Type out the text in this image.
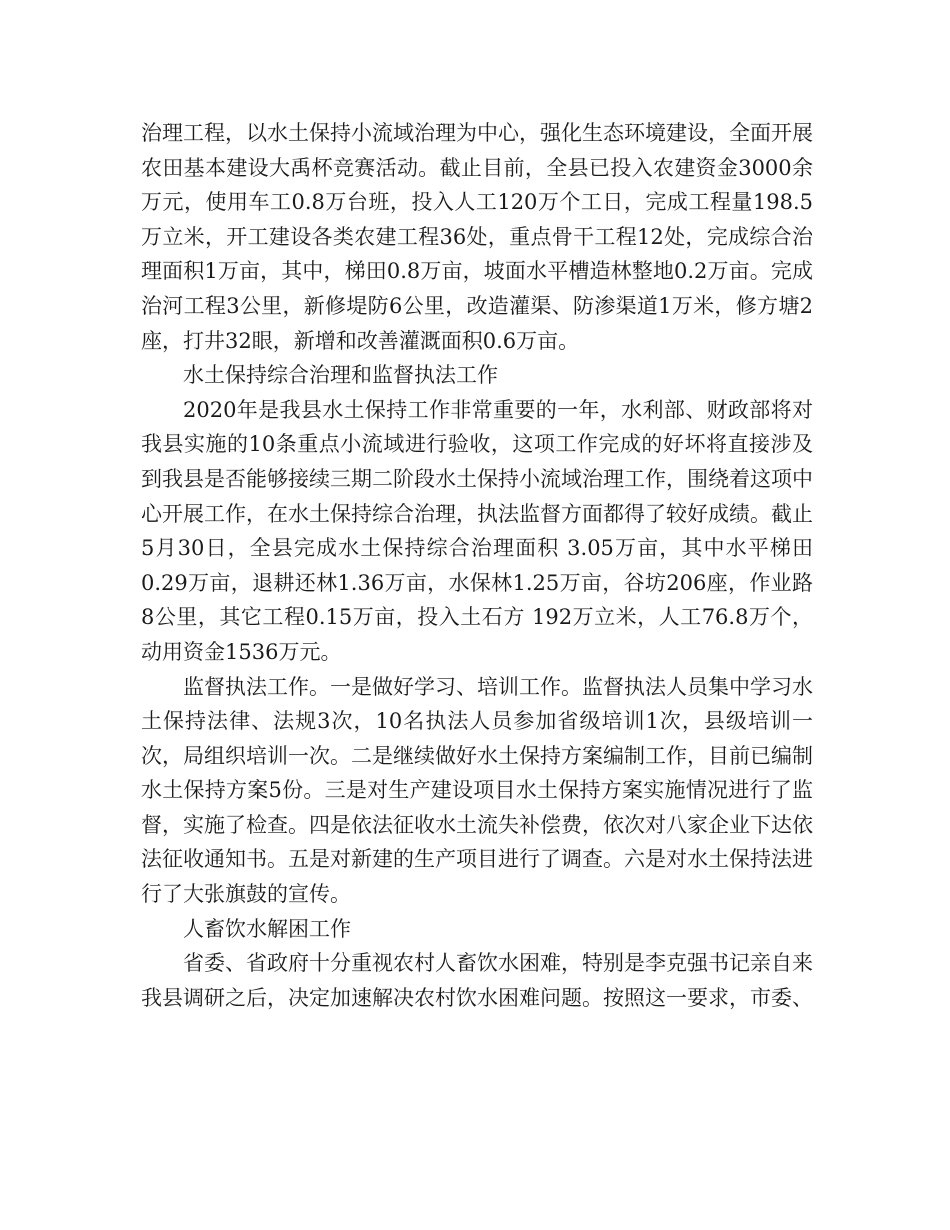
治理工程，以水土保持小流域治理为中心，强化生态环境建设，全面开展农田基本建设大禹杯竞赛活动。截止目前，全县已投入农建资金3000余万元，使用车工0.8万台班，投入人工120万个工日，完成工程量198.5万立米，开工建设各类农建工程36处，重点骨干工程12处，完成综合治理面积1万亩，其中，梯田0.8万亩，坡面水平槽造林整地0.2万亩。完成治河工程3公里，新修堤防6公里，改造灌渠、防渗渠道1万米，修方塘2座，打井32眼，新增和改善灌溉面积0.6万亩。

水土保持综合治理和监督执法工作

2020年是我县水土保持工作非常重要的一年，水利部、财政部将对我县实施的10条重点小流域进行验收，这项工作完成的好坏将直接涉及到我县是否能够接续三期二阶段水土保持小流域治理工作，围绕着这项中心开展工作，在水土保持综合治理，执法监督方面都得了较好成绩。截止5月30日，全县完成水土保持综合治理面积 3.05万亩，其中水平梯田0.29万亩，退耕还林1.36万亩，水保林1.25万亩，谷坊206座，作业路8公里，其它工程0.15万亩，投入土石方 192万立米，人工76.8万个，动用资金1536万元。

监督执法工作。一是做好学习、培训工作。监督执法人员集中学习水土保持法律、法规3次，10名执法人员参加省级培训1次，县级培训一次，局组织培训一次。二是继续做好水土保持方案编制工作，目前已编制水土保持方案5份。三是对生产建设项目水土保持方案实施情况进行了监督，实施了检查。四是依法征收水土流失补偿费，依次对八家企业下达依法征收通知书。五是对新建的生产项目进行了调查。六是对水土保持法进行了大张旗鼓的宣传。

人畜饮水解困工作

省委、省政府十分重视农村人畜饮水困难，特别是李克强书记亲自来我县调研之后，决定加速解决农村饮水困难问题。按照这一要求，市委、
